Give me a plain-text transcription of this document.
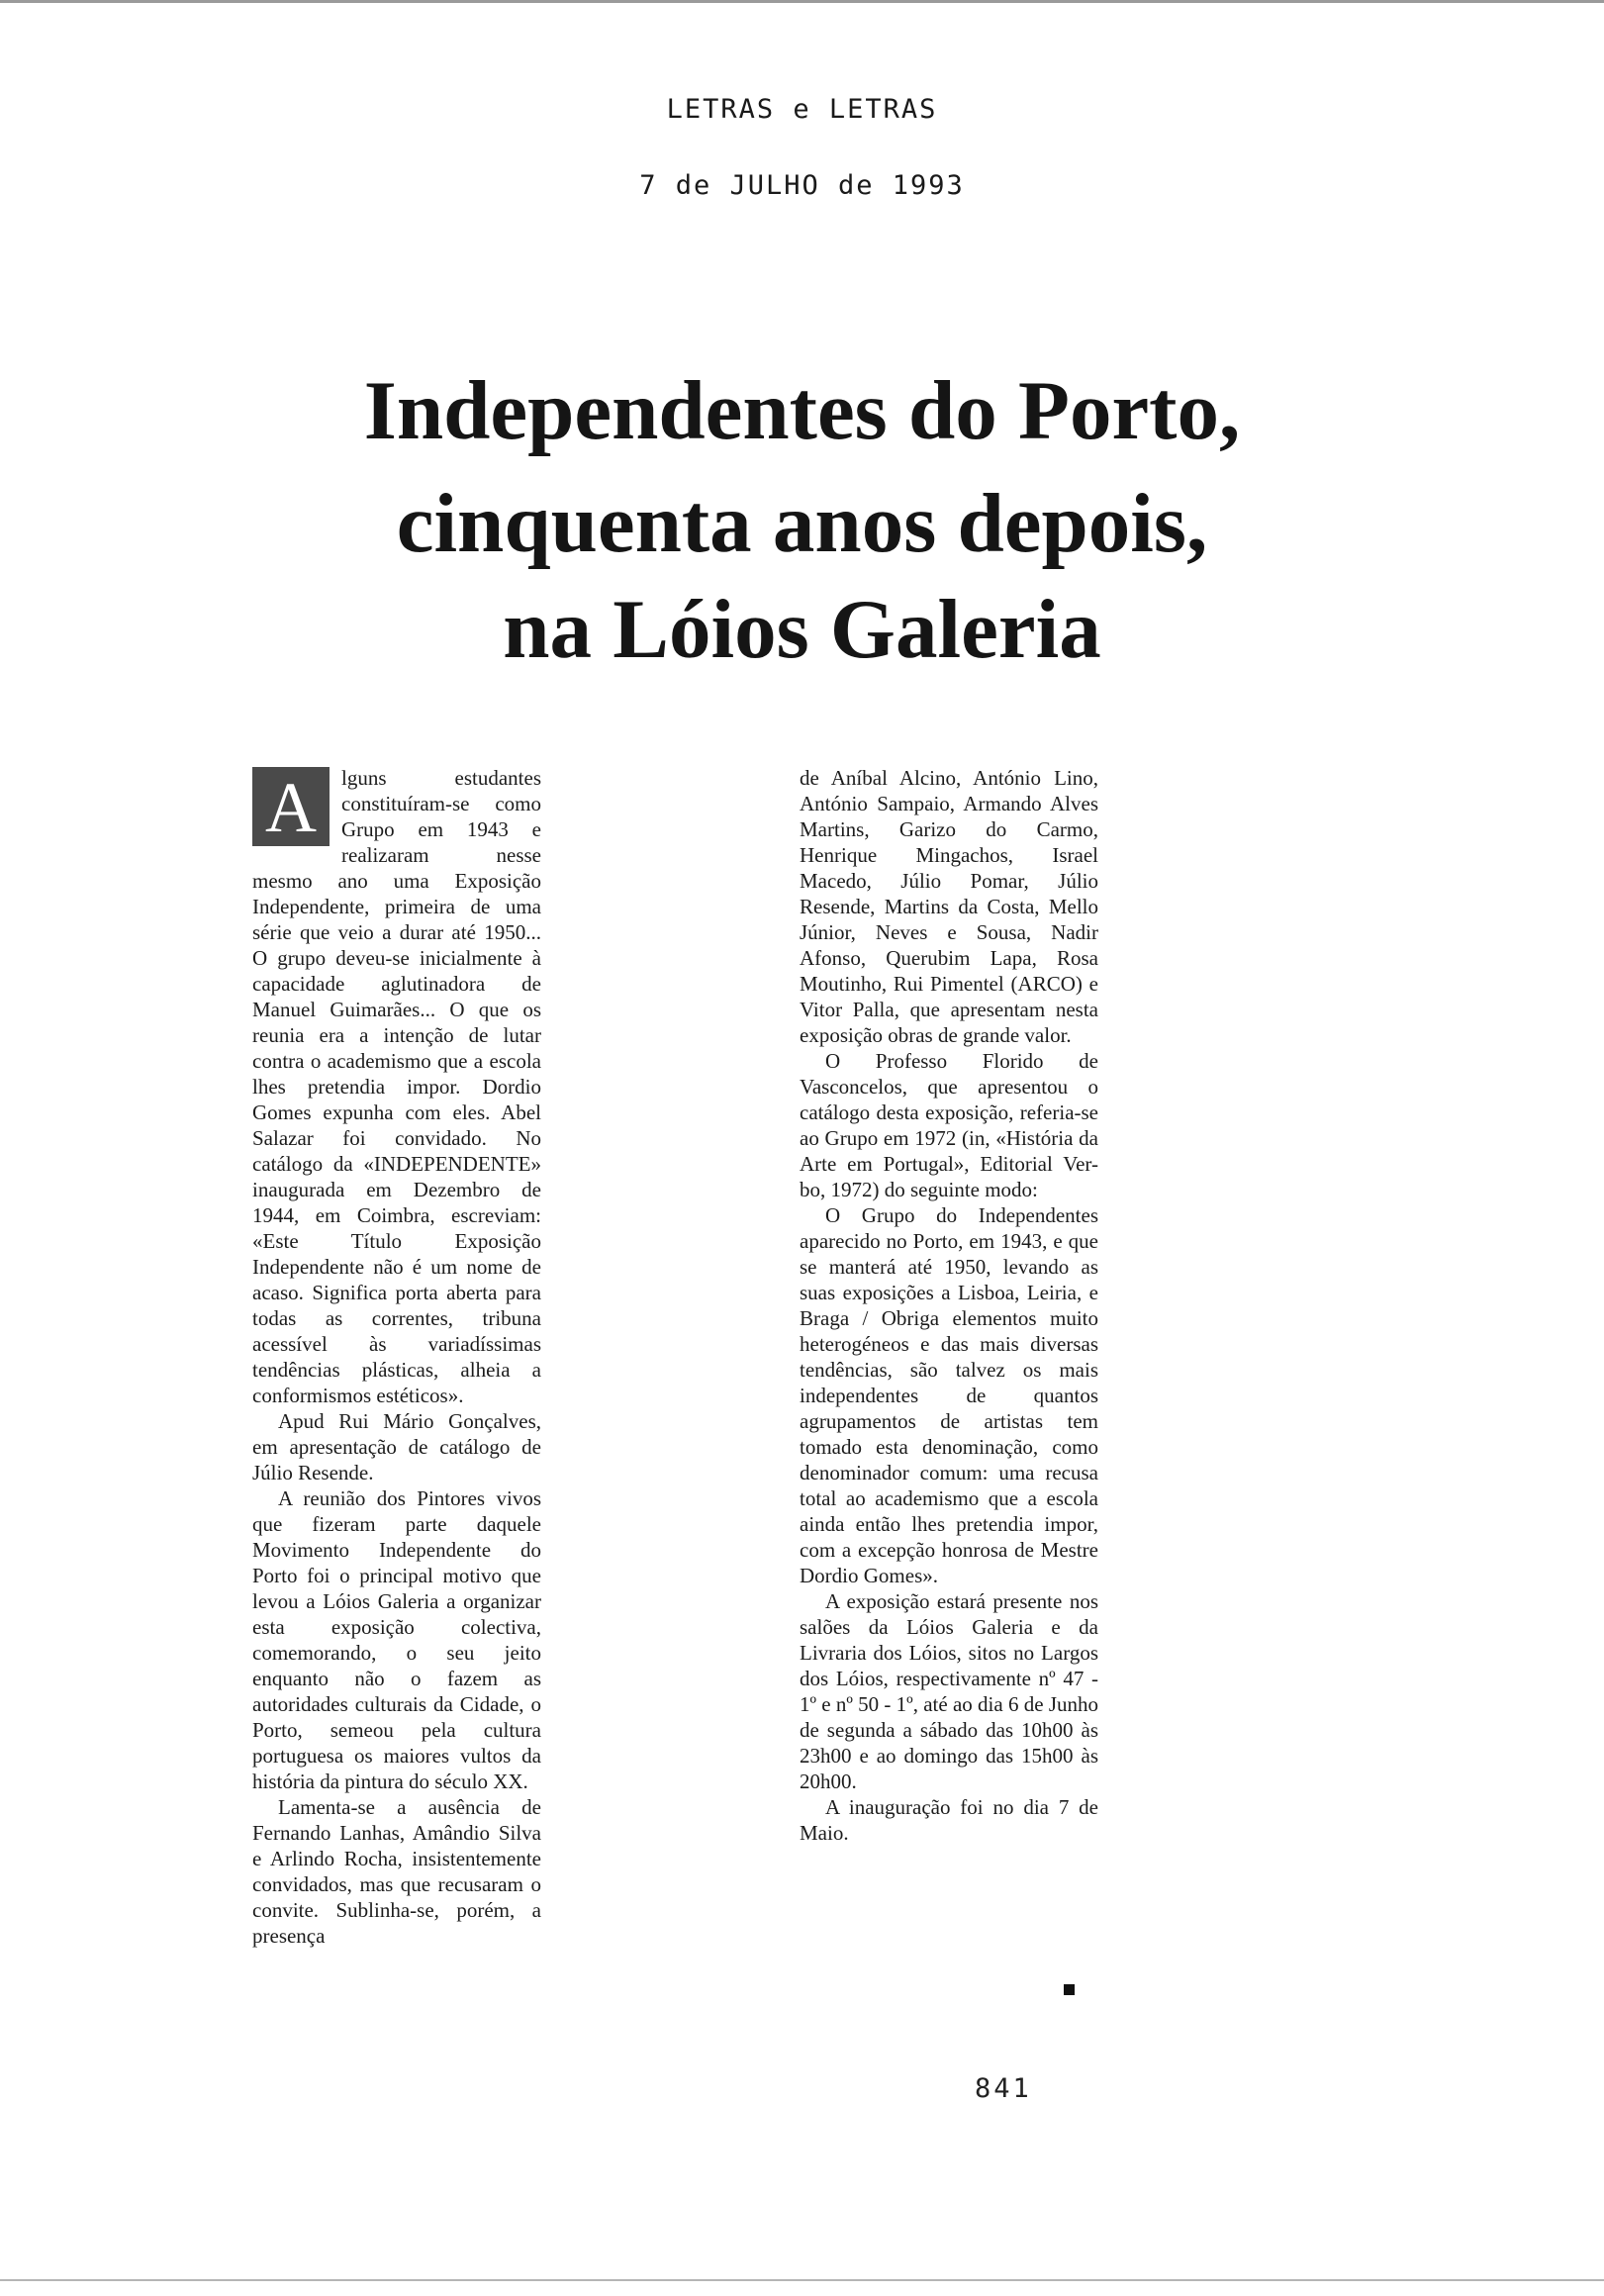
LETRAS e LETRAS
7 de JULHO de 1993
Independentes do Porto,
cinquenta anos depois,
na Lóios Galeria

A	lguns estudantes constituíram-se como Grupo em 1943 e realizaram nesse mesmo ano uma Exposição Independente, primeira de uma série que veio a durar até 1950... O grupo deveu-se inicialmente à capacidade aglutinadora de Manuel Guimarães... O que os reunia era a intenção de lutar contra o academismo que a escola lhes pretendia impor. Dordio Gomes expunha com eles. Abel Salazar foi convidado. No catálogo da «INDEPENDENTE» inaugurada em Dezembro de 1944, em Coimbra, escreviam: «Este Título Exposição Independente não é um nome de acaso. Significa porta aberta para todas as correntes, tribuna acessível às variadíssimas tendências plásticas, alheia a conformismos estéticos».

Apud Rui Mário Gonçalves, em apresentação de catálogo de Júlio Resende.

A reunião dos Pintores vivos que fizeram parte daquele Movimento Independente do Porto foi o principal motivo que levou a Lóios Galeria a organizar esta exposição colectiva, comemorando, o seu jeito enquanto não o fazem as autoridades culturais da Cidade, o Porto, semeou pela cultura portuguesa os maiores vultos da história da pintura do século XX.

Lamenta-se a ausência de Fernando Lanhas, Amândio Silva e Arlindo Rocha, insistentemente convidados, mas que recusaram o convite. Sublinha-se, porém, a presença

de Aníbal Alcino, António Lino, António Sampaio, Armando Alves Martins, Garizo do Carmo, Henrique Mingachos, Israel Macedo, Júlio Pomar, Júlio Resende, Martins da Costa, Mello Júnior, Neves e Sousa, Nadir Afonso, Querubim Lapa, Rosa Moutinho, Rui Pimentel (ARCO) e Vitor Palla, que apresentam nesta exposição obras de grande valor.

O Professo Florido de Vasconcelos, que apresentou o catálogo desta exposição, referia-se ao Grupo em 1972 (in, «História da Arte em Portugal», Editorial Ver-bo, 1972) do seguinte modo:

O Grupo do Independentes aparecido no Porto, em 1943, e que se manterá até 1950, levando as suas exposições a Lisboa, Leiria, e Braga / Obriga elementos muito heterogéneos e das mais diversas tendências, são talvez os mais independentes de quantos agrupamentos de artistas tem tomado esta denominação, como denominador comum: uma recusa total ao academismo que a escola ainda então lhes pretendia impor, com a excepção honrosa de Mestre Dordio Gomes».

A exposição estará presente nos salões da Lóios Galeria e da Livraria dos Lóios, sitos no Largos dos Lóios, respectivamente nº 47 - 1º e nº 50 - 1º, até ao dia 6 de Junho de segunda a sábado das 10h00 às 23h00 e ao domingo das 15h00 às 20h00.

A inauguração foi no dia 7 de Maio.

841
